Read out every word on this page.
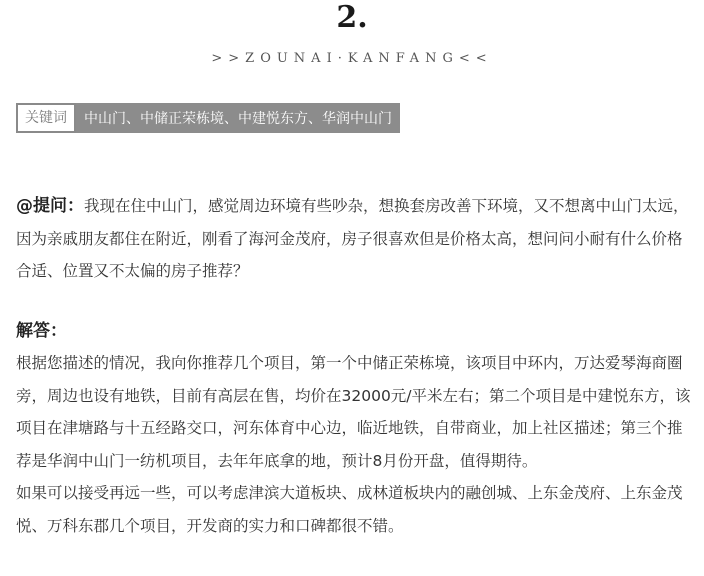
2.
>>ZOUNAI·KANFANG<<
关键词	中山门、中储正荣栋境、中建悦东方、华润中山门
@提问：我现在住中山门，感觉周边环境有些吵杂，想换套房改善下环境，又不想离中山门太远，因为亲戚朋友都住在附近，刚看了海河金茂府，房子很喜欢但是价格太高，想问问小耐有什么价格合适、位置又不太偏的房子推荐？
解答：

根据您描述的情况，我向你推荐几个项目，第一个中储正荣栋境，该项目中环内，万达爱琴海商圈旁，周边也设有地铁，目前有高层在售，均价在32000元/平米左右；第二个项目是中建悦东方，该项目在津塘路与十五经路交口，河东体育中心边，临近地铁，自带商业，加上社区描述；第三个推荐是华润中山门一纺机项目，去年年底拿的地，预计8月份开盘，值得期待。

如果可以接受再远一些，可以考虑津滨大道板块、成林道板块内的融创城、上东金茂府、上东金茂悦、万科东郡几个项目，开发商的实力和口碑都很不错。
